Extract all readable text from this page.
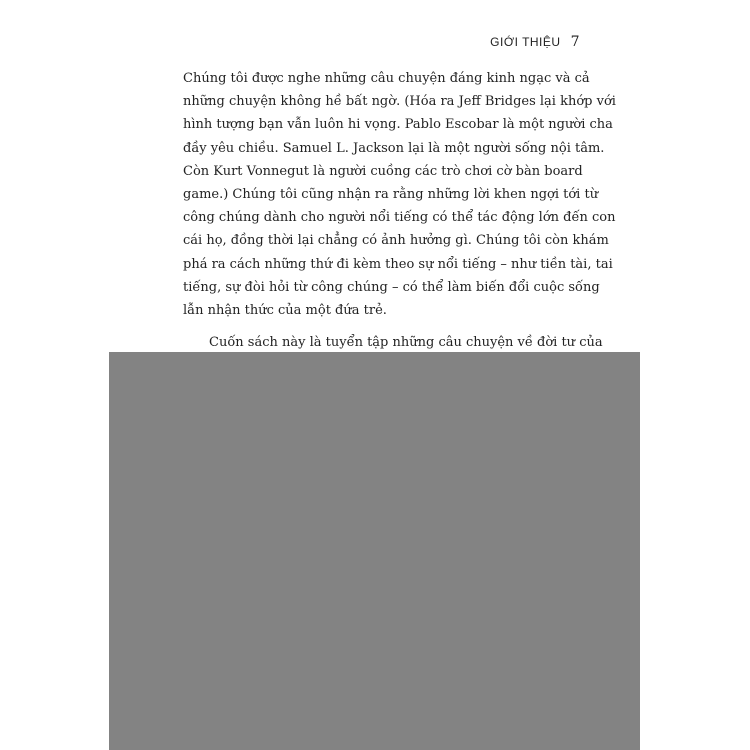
GIỚI THIỆU 7
Chúng tôi được nghe những câu chuyện đáng kinh ngạc và cả
những chuyện không hề bất ngờ. (Hóa ra Jeff Bridges lại khớp với
hình tượng bạn vẫn luôn hi vọng. Pablo Escobar là một người cha
đầy yêu chiều. Samuel L. Jackson lại là một người sống nội tâm.
Còn Kurt Vonnegut là người cuồng các trò chơi cờ bàn board
game.) Chúng tôi cũng nhận ra rằng những lời khen ngợi tới từ
công chúng dành cho người nổi tiếng có thể tác động lớn đến con
cái họ, đồng thời lại chẳng có ảnh hưởng gì. Chúng tôi còn khám
phá ra cách những thứ đi kèm theo sự nổi tiếng – như tiền tài, tai
tiếng, sự đòi hỏi từ công chúng – có thể làm biến đổi cuộc sống
lẫn nhận thức của một đứa trẻ.
Cuốn sách này là tuyển tập những câu chuyện về đời tư của
